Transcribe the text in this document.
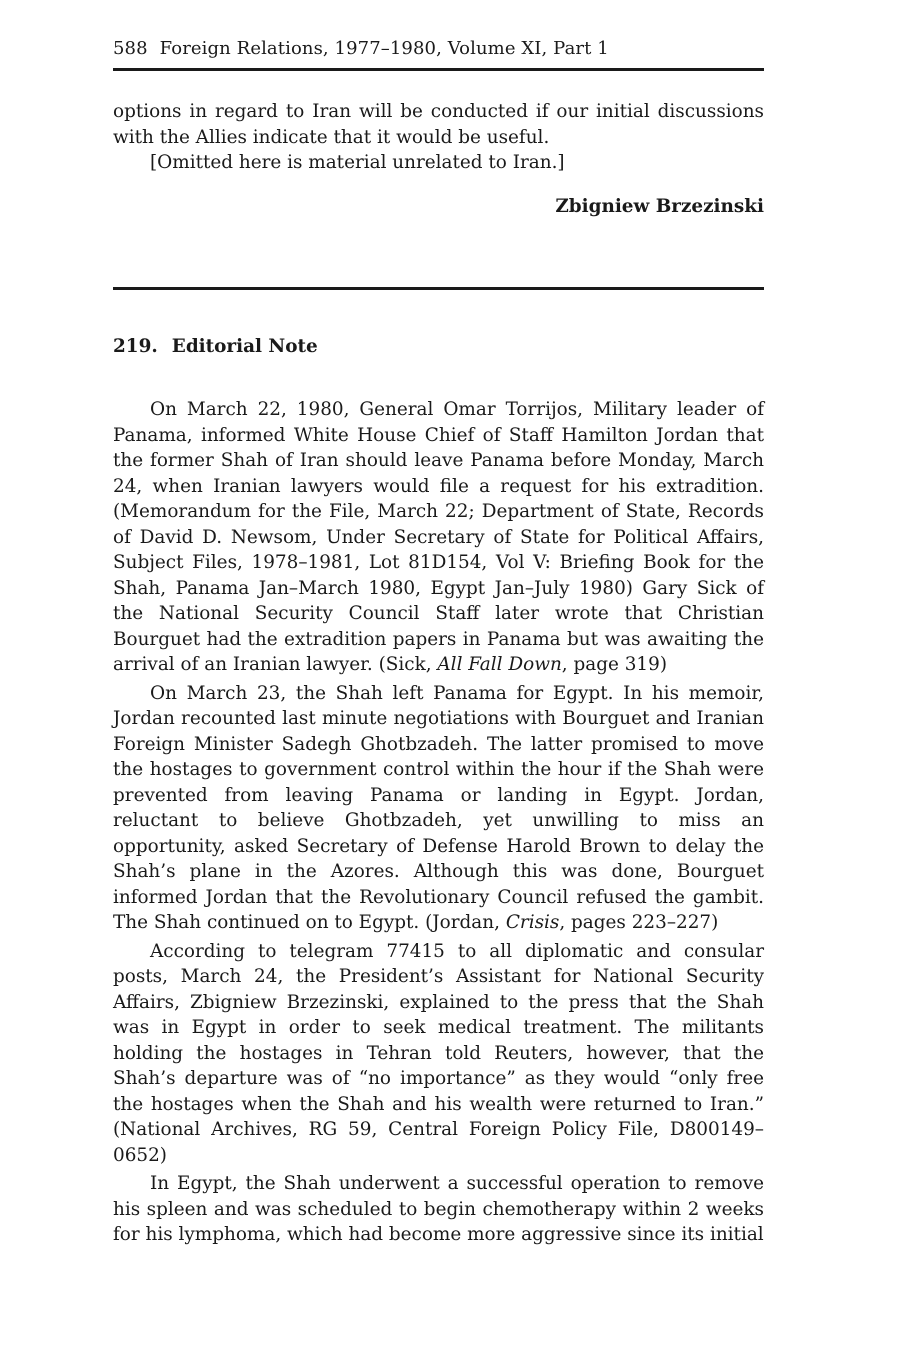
588 Foreign Relations, 1977–1980, Volume XI, Part 1

options in regard to Iran will be conducted if our initial discussions with the Allies indicate that it would be useful.

[Omitted here is material unrelated to Iran.]

Zbigniew Brzezinski
219. Editorial Note

On March 22, 1980, General Omar Torrijos, Military leader of Panama, informed White House Chief of Staff Hamilton Jordan that the former Shah of Iran should leave Panama before Monday, March 24, when Iranian lawyers would file a request for his extradition. (Memorandum for the File, March 22; Department of State, Records of David D. Newsom, Under Secretary of State for Political Affairs, Subject Files, 1978–1981, Lot 81D154, Vol V: Briefing Book for the Shah, Panama Jan–March 1980, Egypt Jan–July 1980) Gary Sick of the National Security Council Staff later wrote that Christian Bourguet had the extradition papers in Panama but was awaiting the arrival of an Iranian lawyer. (Sick, All Fall Down, page 319)

On March 23, the Shah left Panama for Egypt. In his memoir, Jordan recounted last minute negotiations with Bourguet and Iranian Foreign Minister Sadegh Ghotbzadeh. The latter promised to move the hostages to government control within the hour if the Shah were prevented from leaving Panama or landing in Egypt. Jordan, reluctant to believe Ghotbzadeh, yet unwilling to miss an opportunity, asked Secretary of Defense Harold Brown to delay the Shah’s plane in the Azores. Although this was done, Bourguet informed Jordan that the Revolutionary Council refused the gambit. The Shah continued on to Egypt. (Jordan, Crisis, pages 223–227)

According to telegram 77415 to all diplomatic and consular posts, March 24, the President’s Assistant for National Security Affairs, Zbigniew Brzezinski, explained to the press that the Shah was in Egypt in order to seek medical treatment. The militants holding the hostages in Tehran told Reuters, however, that the Shah’s departure was of “no importance” as they would “only free the hostages when the Shah and his wealth were returned to Iran.” (National Archives, RG 59, Central Foreign Policy File, D800149–0652)

In Egypt, the Shah underwent a successful operation to remove his spleen and was scheduled to begin chemotherapy within 2 weeks for his lymphoma, which had become more aggressive since its initial
